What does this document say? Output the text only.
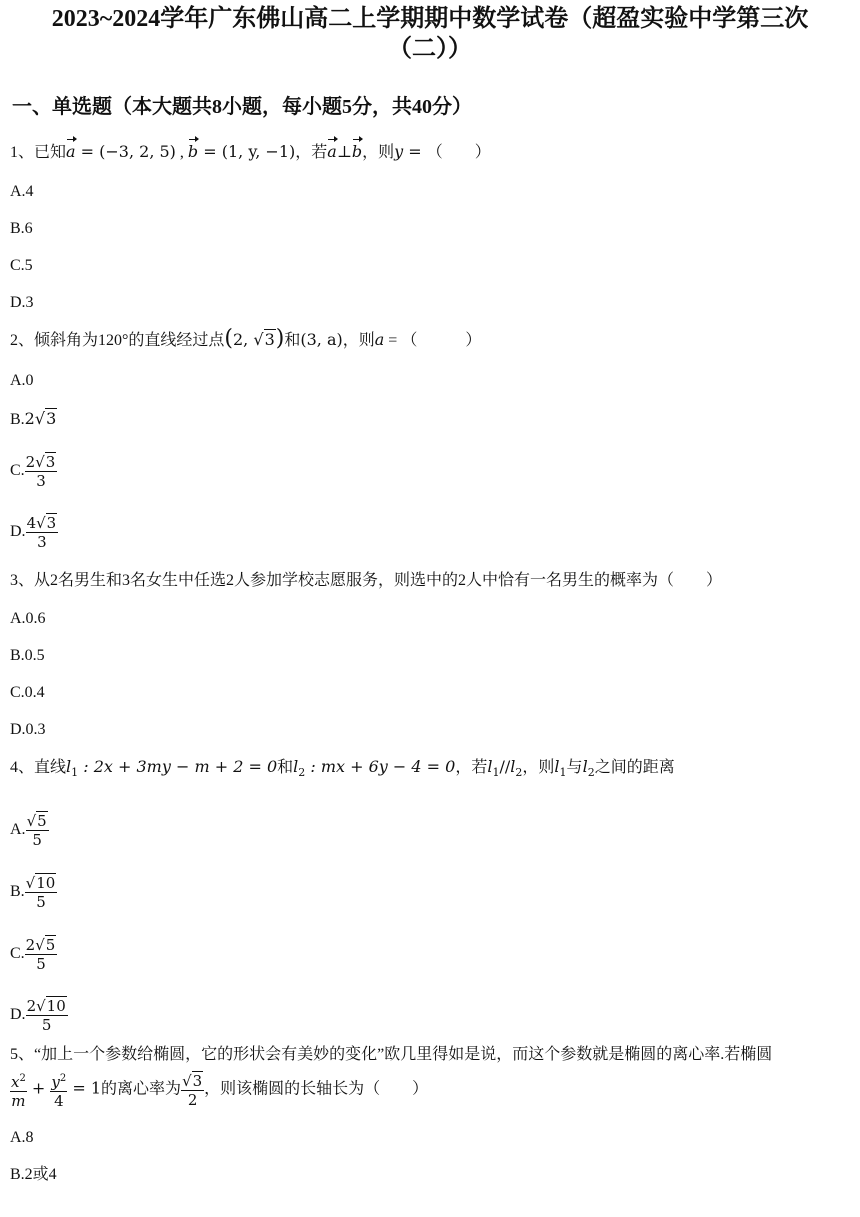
2023~2024学年广东佛山高二上学期期中数学试卷（超盈实验中学第三次
（二））
一、单选题（本大题共8小题，每小题5分，共40分）
1、已知a = (−3, 2, 5) , b = (1, y, −1)，若a⊥b，则y = （　　）
A.4
B.6
C.5
D.3
2、倾斜角为120°的直线经过点(2, √3)和(3, a)，则a = （　　　）
A.0
B.2√3
C. $\frac{2√3}{3}$
D. $\frac{4√3}{3}$
3、从2名男生和3名女生中任选2人参加学校志愿服务，则选中的2人中恰有一名男生的概率为（　　）
A.0.6
B.0.5
C.0.4
D.0.3
4、直线$l_1$ : 2x + 3my − m + 2 = 0和$l_2$ : mx + 6y − 4 = 0，若$l_1//l_2$，则$l_1$与$l_2$之间的距离
A. $\frac{√5}{5}$
B. $\frac{√10}{5}$
C. $\frac{2√5}{5}$
D. $\frac{2√10}{5}$
5、“加上一个参数给椭圆，它的形状会有美妙的变化”欧几里得如是说，而这个参数就是椭圆的离心率.若椭圆
$\frac{x^2}{m} + \frac{y^2}{4} = 1$的离心率为 $\frac{√3}{2}$ ，则该椭圆的长轴长为（　　）
A.8
B.2或4
